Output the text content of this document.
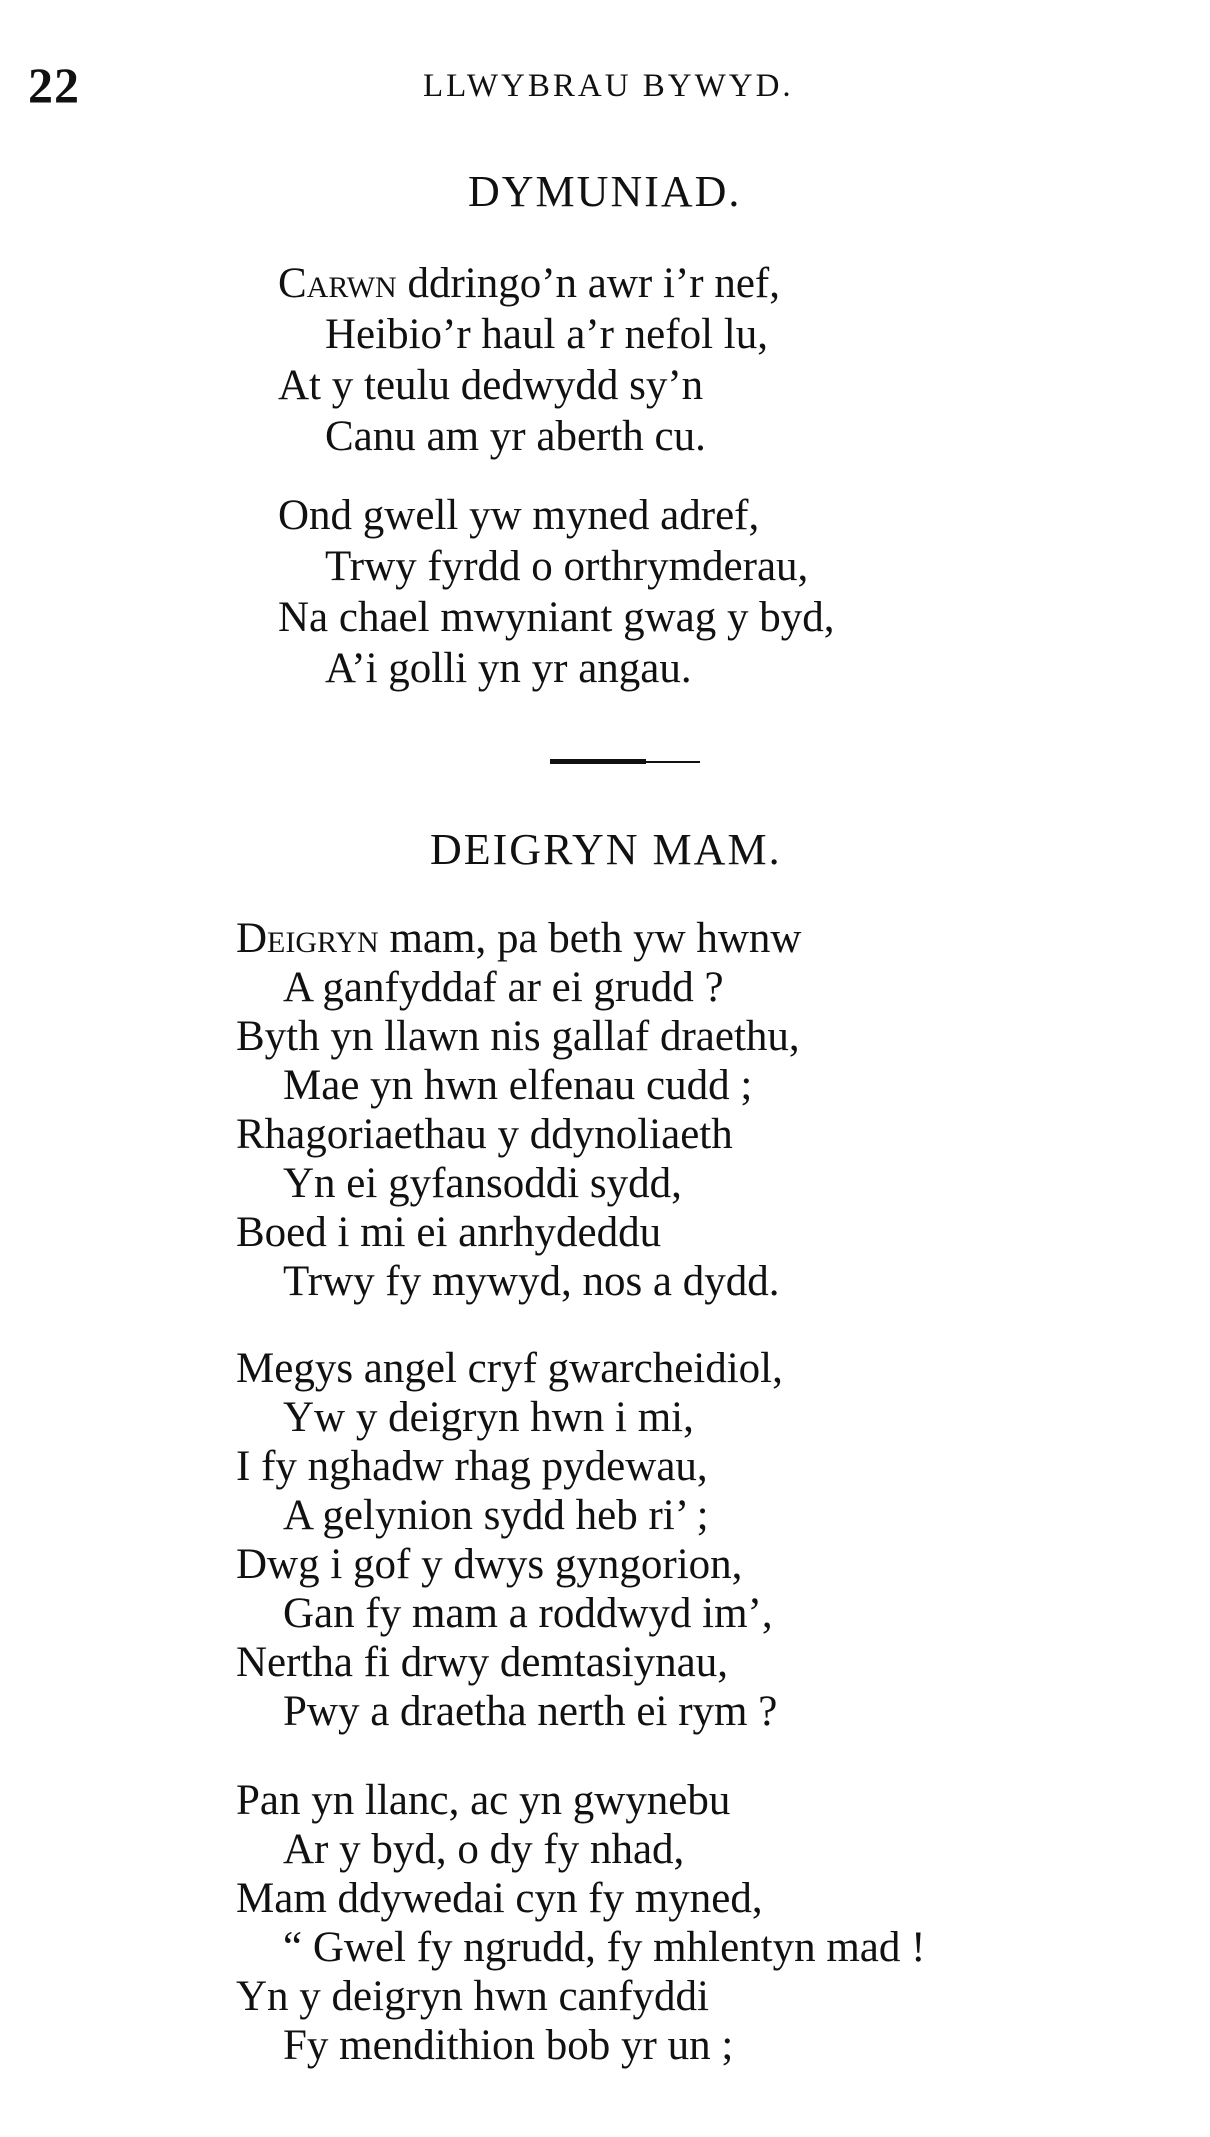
22	LLWYBRAU BYWYD.
DYMUNIAD.
Carwn ddringo’n awr i’r nef,
Heibio’r haul a’r nefol lu,
At y teulu dedwydd sy’n
Canu am yr aberth cu.
Ond gwell yw myned adref,
Trwy fyrdd o orthrymderau,
Na chael mwyniant gwag y byd,
A’i golli yn yr angau.
DEIGRYN MAM.
Deigryn mam, pa beth yw hwnw
A ganfyddaf ar ei grudd ?
Byth yn llawn nis gallaf draethu,
Mae yn hwn elfenau cudd ;
Rhagoriaethau y ddynoliaeth
Yn ei gyfansoddi sydd,
Boed i mi ei anrhydeddu
Trwy fy mywyd, nos a dydd.
Megys angel cryf gwarcheidiol,
Yw y deigryn hwn i mi,
I fy nghadw rhag pydewau,
A gelynion sydd heb ri’ ;
Dwg i gof y dwys gyngorion,
Gan fy mam a roddwyd im’,
Nertha fi drwy demtasiynau,
Pwy a draetha nerth ei rym ?
Pan yn llanc, ac yn gwynebu
Ar y byd, o dy fy nhad,
Mam ddywedai cyn fy myned,
“ Gwel fy ngrudd, fy mhlentyn mad !
Yn y deigryn hwn canfyddi
Fy mendithion bob yr un ;
